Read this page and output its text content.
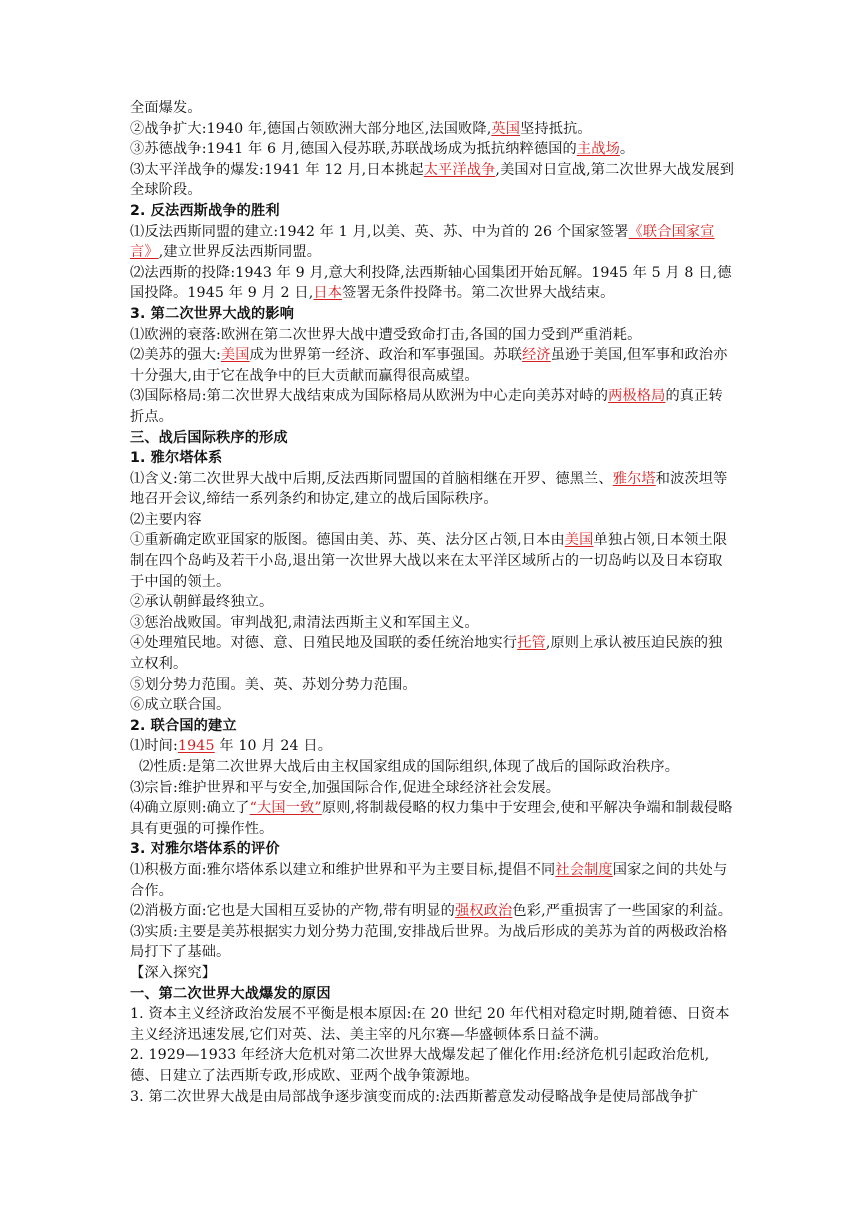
全面爆发。
②战争扩大:1940 年,德国占领欧洲大部分地区,法国败降,英国坚持抵抗。
③苏德战争:1941 年 6 月,德国入侵苏联,苏联战场成为抵抗纳粹德国的主战场。
⑶太平洋战争的爆发:1941 年 12 月,日本挑起太平洋战争,美国对日宣战,第二次世界大战发展到全球阶段。
2. 反法西斯战争的胜利
⑴反法西斯同盟的建立:1942 年 1 月,以美、英、苏、中为首的 26 个国家签署《联合国家宣言》,建立世界反法西斯同盟。
⑵法西斯的投降:1943 年 9 月,意大利投降,法西斯轴心国集团开始瓦解。1945 年 5 月 8 日,德国投降。1945 年 9 月 2 日,日本签署无条件投降书。第二次世界大战结束。
3. 第二次世界大战的影响
⑴欧洲的衰落:欧洲在第二次世界大战中遭受致命打击,各国的国力受到严重消耗。
⑵美苏的强大:美国成为世界第一经济、政治和军事强国。苏联经济虽逊于美国,但军事和政治亦十分强大,由于它在战争中的巨大贡献而赢得很高威望。
⑶国际格局:第二次世界大战结束成为国际格局从欧洲为中心走向美苏对峙的两极格局的真正转折点。
三、战后国际秩序的形成
1. 雅尔塔体系
⑴含义:第二次世界大战中后期,反法西斯同盟国的首脑相继在开罗、德黑兰、雅尔塔和波茨坦等地召开会议,缔结一系列条约和协定,建立的战后国际秩序。
⑵主要内容
①重新确定欧亚国家的版图。德国由美、苏、英、法分区占领,日本由美国单独占领,日本领土限制在四个岛屿及若干小岛,退出第一次世界大战以来在太平洋区域所占的一切岛屿以及日本窃取于中国的领土。
②承认朝鲜最终独立。
③惩治战败国。审判战犯,肃清法西斯主义和军国主义。
④处理殖民地。对德、意、日殖民地及国联的委任统治地实行托管,原则上承认被压迫民族的独立权利。
⑤划分势力范围。美、英、苏划分势力范围。
⑥成立联合国。
2. 联合国的建立
⑴时间:1945 年 10 月 24 日。
⑵性质:是第二次世界大战后由主权国家组成的国际组织,体现了战后的国际政治秩序。
⑶宗旨:维护世界和平与安全,加强国际合作,促进全球经济社会发展。
⑷确立原则:确立了“大国一致”原则,将制裁侵略的权力集中于安理会,使和平解决争端和制裁侵略具有更强的可操作性。
3. 对雅尔塔体系的评价
⑴积极方面:雅尔塔体系以建立和维护世界和平为主要目标,提倡不同社会制度国家之间的共处与合作。
⑵消极方面:它也是大国相互妥协的产物,带有明显的强权政治色彩,严重损害了一些国家的利益。
⑶实质:主要是美苏根据实力划分势力范围,安排战后世界。为战后形成的美苏为首的两极政治格局打下了基础。
【深入探究】
一、第二次世界大战爆发的原因
1. 资本主义经济政治发展不平衡是根本原因:在 20 世纪 20 年代相对稳定时期,随着德、日资本主义经济迅速发展,它们对英、法、美主宰的凡尔赛—华盛顿体系日益不满。
2. 1929—1933 年经济大危机对第二次世界大战爆发起了催化作用:经济危机引起政治危机,德、日建立了法西斯专政,形成欧、亚两个战争策源地。
3. 第二次世界大战是由局部战争逐步演变而成的:法西斯蓄意发动侵略战争是使局部战争扩
